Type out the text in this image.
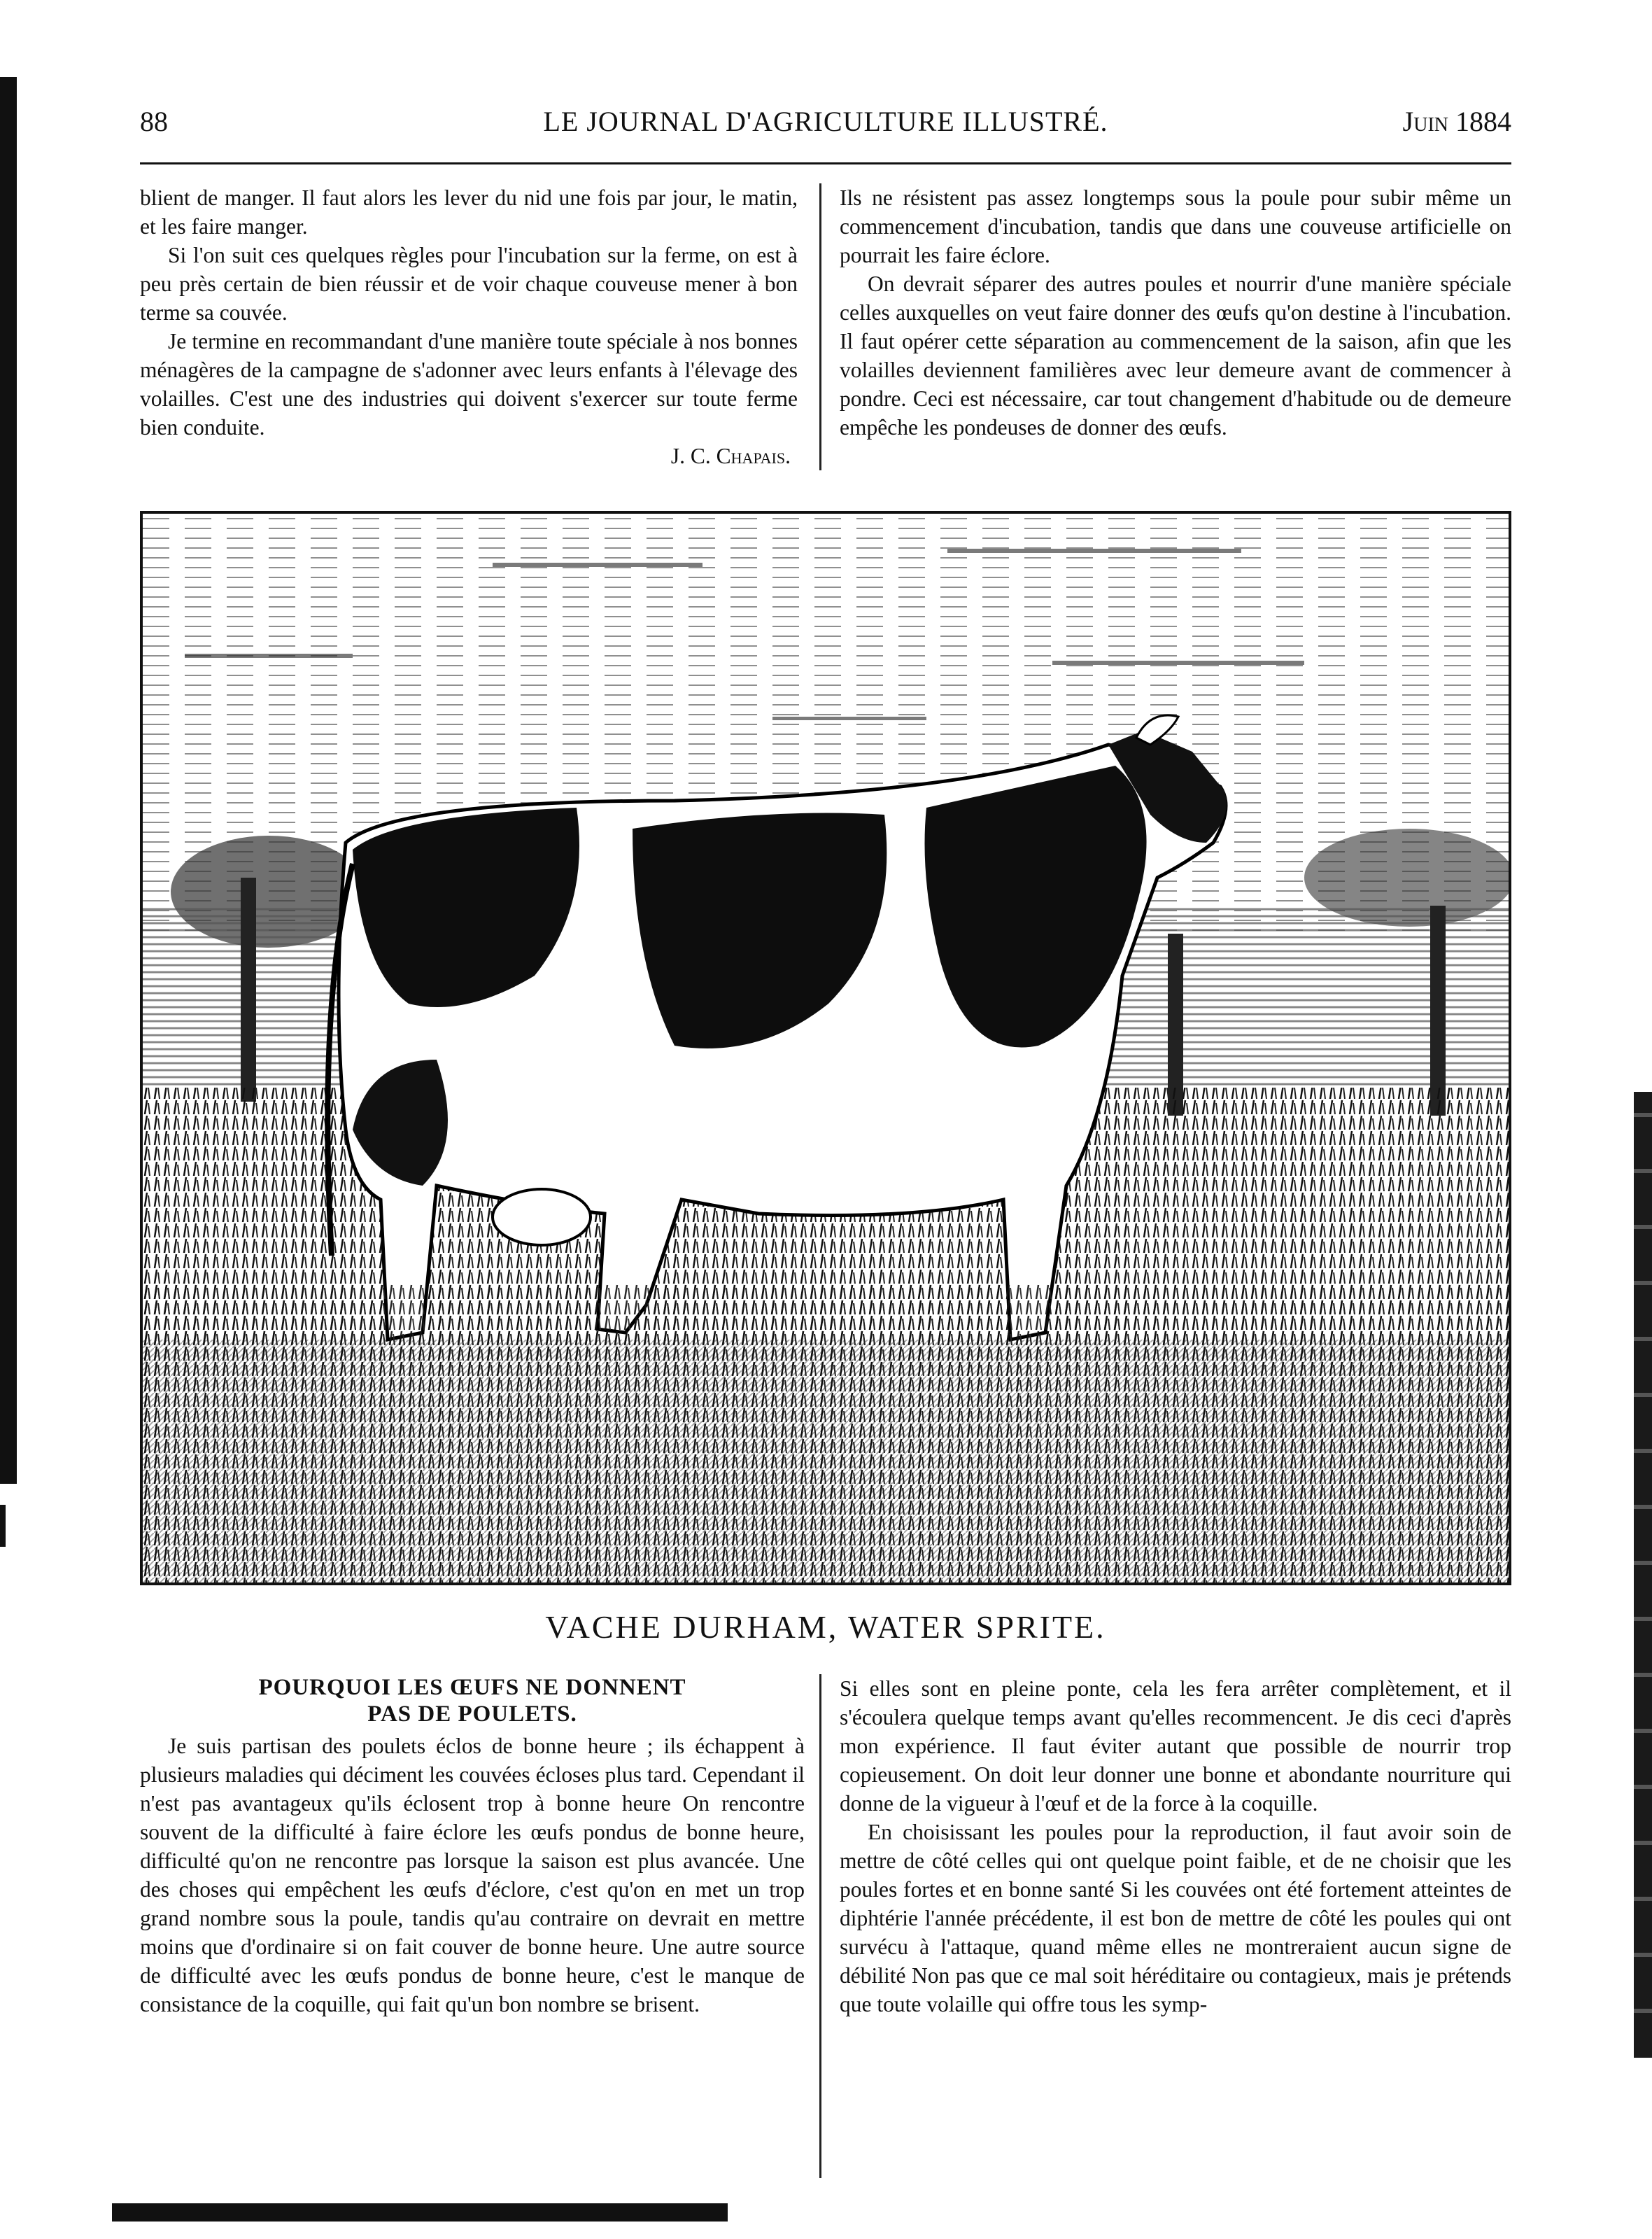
88	LE JOURNAL D'AGRICULTURE ILLUSTRÉ.	Juin 1884

blient de manger. Il faut alors les lever du nid une fois par jour, le matin, et les faire manger.

Si l'on suit ces quelques règles pour l'incubation sur la ferme, on est à peu près certain de bien réussir et de voir chaque couveuse mener à bon terme sa couvée.

Je termine en recommandant d'une manière toute spéciale à nos bonnes ménagères de la campagne de s'adonner avec leurs enfants à l'élevage des volailles. C'est une des industries qui doivent s'exercer sur toute ferme bien conduite.

J. C. Chapais.

Ils ne résistent pas assez longtemps sous la poule pour subir même un commencement d'incubation, tandis que dans une couveuse artificielle on pourrait les faire éclore.

On devrait séparer des autres poules et nourrir d'une manière spéciale celles auxquelles on veut faire donner des œufs qu'on destine à l'incubation. Il faut opérer cette séparation au commencement de la saison, afin que les volailles deviennent familières avec leur demeure avant de commencer à pondre. Ceci est nécessaire, car tout changement d'habitude ou de demeure empêche les pondeuses de donner des œufs.

VACHE DURHAM, WATER SPRITE.
POURQUOI LES ŒUFS NE DONNENT
PAS DE POULETS.

Je suis partisan des poulets éclos de bonne heure ; ils échappent à plusieurs maladies qui déciment les couvées écloses plus tard. Cependant il n'est pas avantageux qu'ils éclosent trop à bonne heure On rencontre souvent de la difficulté à faire éclore les œufs pondus de bonne heure, difficulté qu'on ne rencontre pas lorsque la saison est plus avancée. Une des choses qui empêchent les œufs d'éclore, c'est qu'on en met un trop grand nombre sous la poule, tandis qu'au contraire on devrait en mettre moins que d'ordinaire si on fait couver de bonne heure. Une autre source de difficulté avec les œufs pondus de bonne heure, c'est le manque de consistance de la coquille, qui fait qu'un bon nombre se brisent.

Si elles sont en pleine ponte, cela les fera arrêter complètement, et il s'écoulera quelque temps avant qu'elles recommencent. Je dis ceci d'après mon expérience. Il faut éviter autant que possible de nourrir trop copieusement. On doit leur donner une bonne et abondante nourriture qui donne de la vigueur à l'œuf et de la force à la coquille.

En choisissant les poules pour la reproduction, il faut avoir soin de mettre de côté celles qui ont quelque point faible, et de ne choisir que les poules fortes et en bonne santé Si les couvées ont été fortement atteintes de diphtérie l'année précédente, il est bon de mettre de côté les poules qui ont survécu à l'attaque, quand même elles ne montreraient aucun signe de débilité Non pas que ce mal soit héréditaire ou contagieux, mais je prétends que toute volaille qui offre tous les symp-
